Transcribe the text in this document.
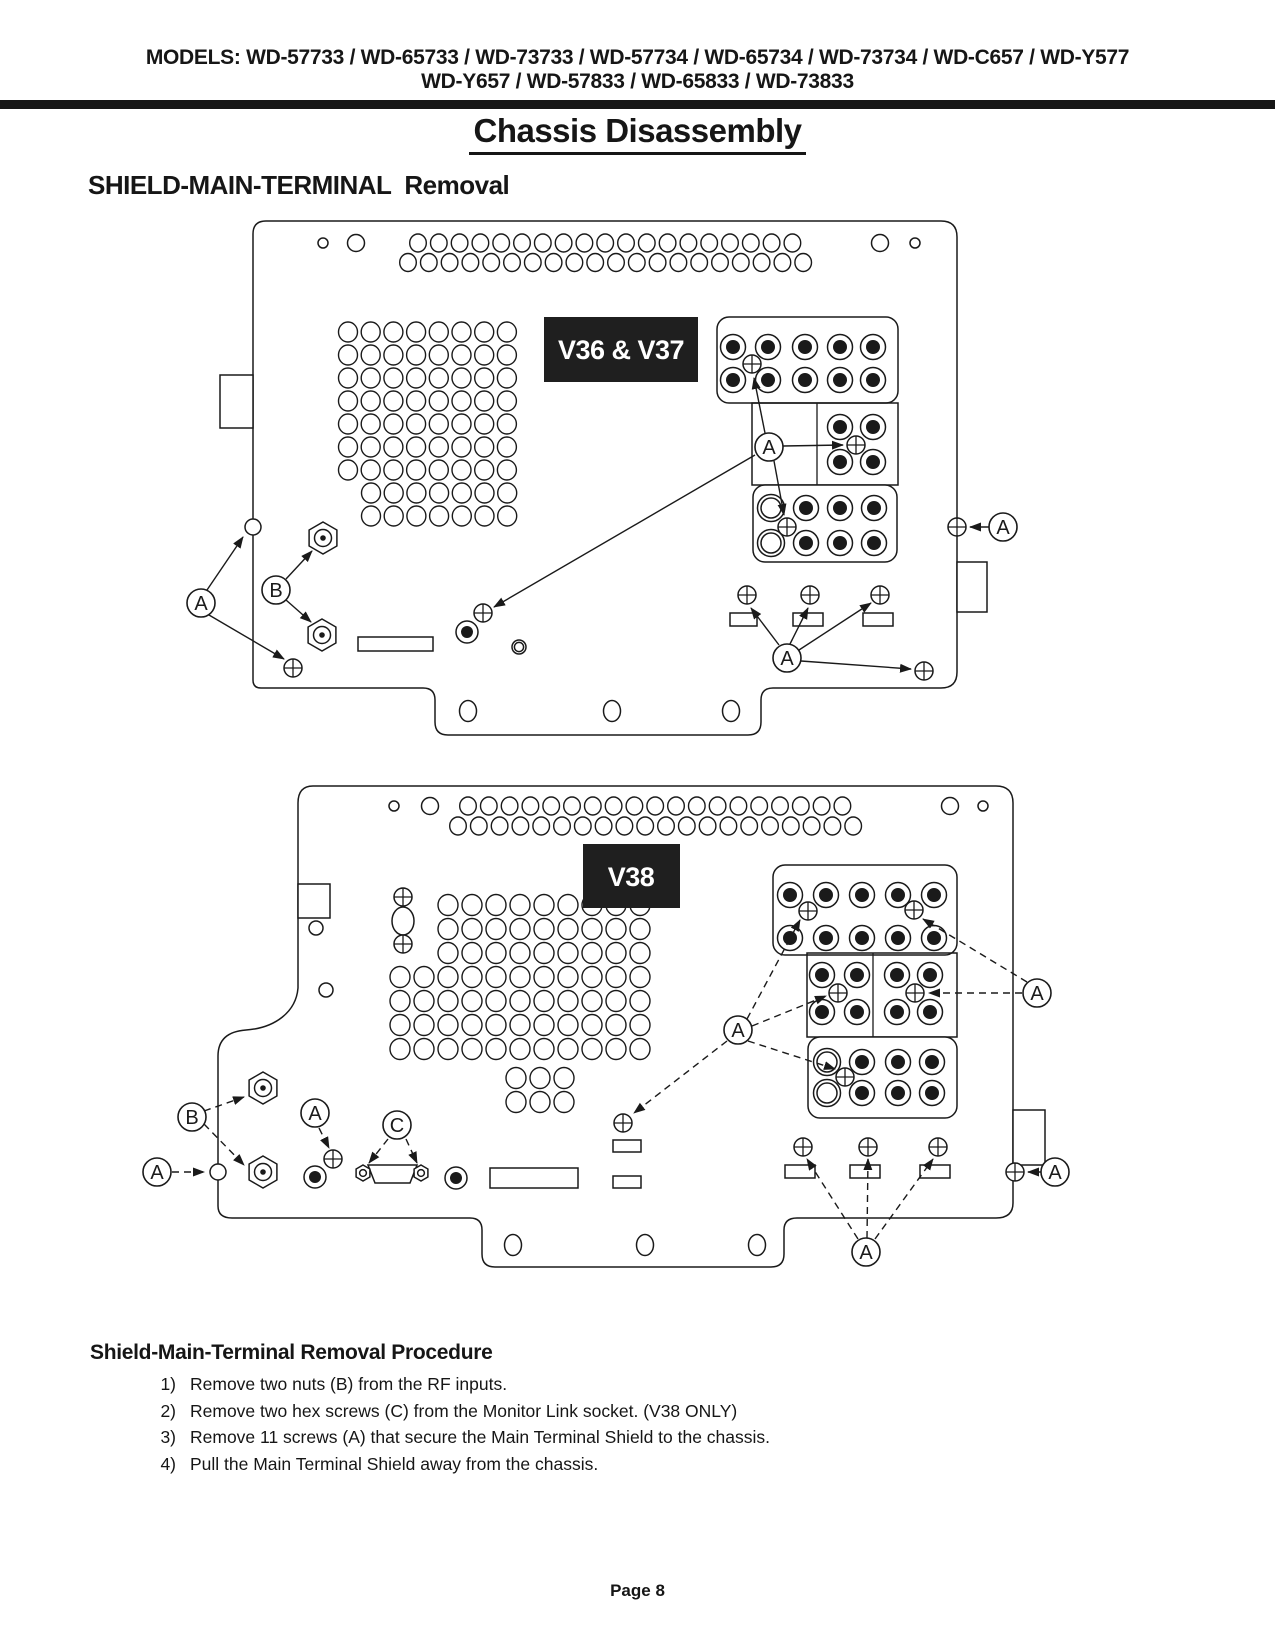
MODELS: WD-57733 / WD-65733 / WD-73733 / WD-57734 / WD-65734 / WD-73734 / WD-C657 / WD-Y577
WD-Y657 / WD-57833 / WD-65833 / WD-73833
Chassis Disassembly
SHIELD-MAIN-TERMINAL  Removal
V36 & V37
A
B
A
A
A
V38
B
A
A
C
A
A
A
A
Shield-Main-Terminal Removal Procedure
1) Remove two nuts (B) from the RF inputs.
2) Remove two hex screws (C) from the Monitor Link socket. (V38 ONLY)
3) Remove 11 screws (A) that secure the Main Terminal Shield to the chassis.
4) Pull the Main Terminal Shield away from the chassis.
Page 8
